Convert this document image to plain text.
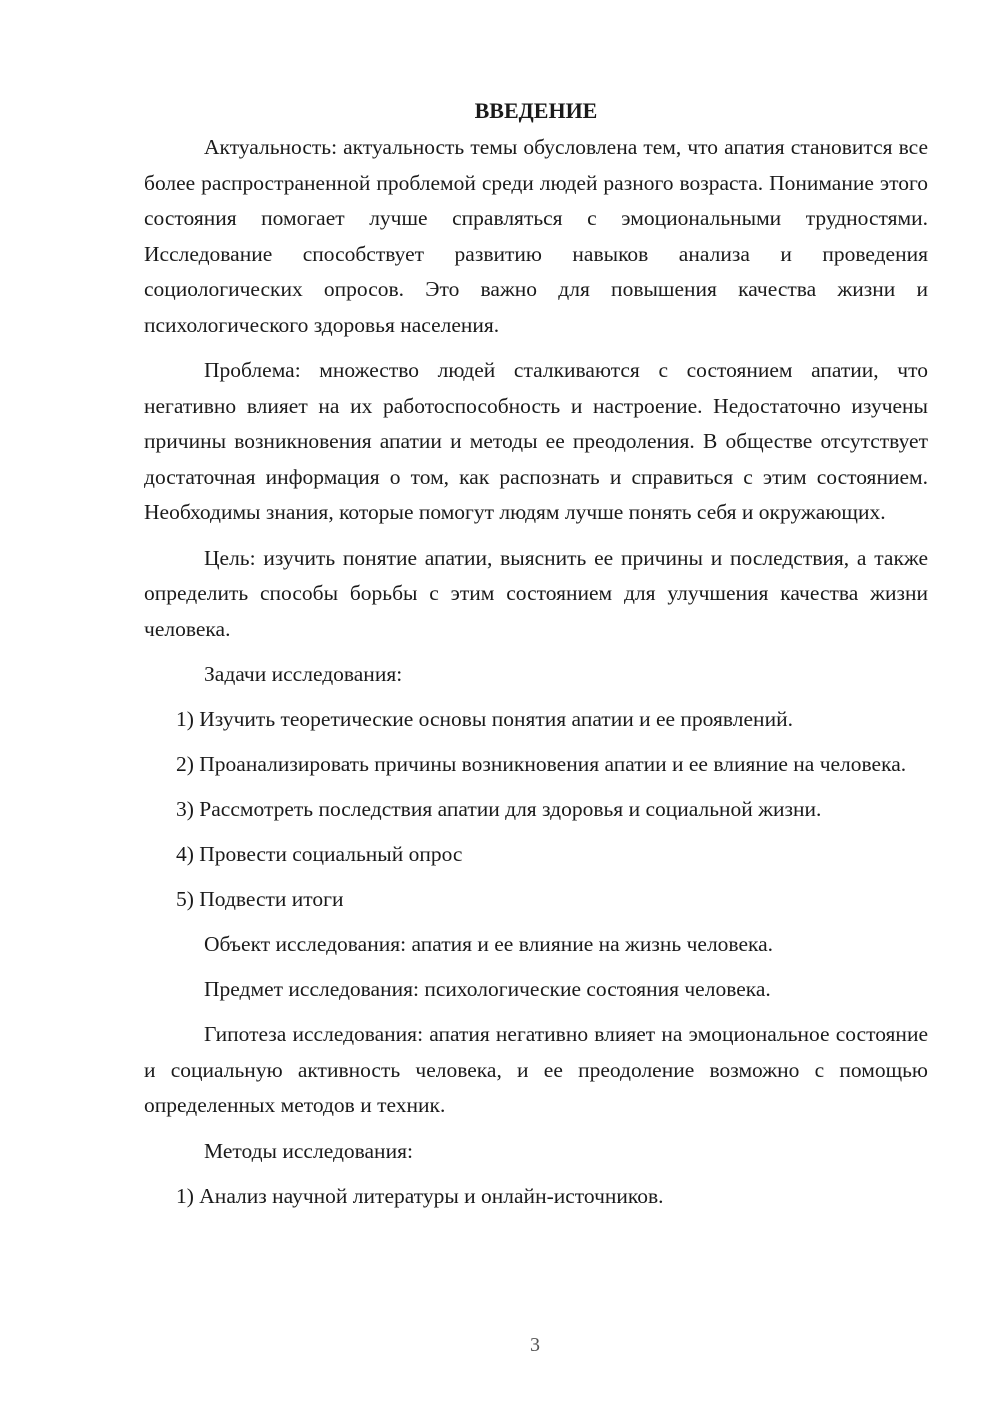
ВВЕДЕНИЕ

Актуальность: актуальность темы обусловлена тем, что апатия становится все более распространенной проблемой среди людей разного возраста. Понимание этого состояния помогает лучше справляться с эмоциональными трудностями. Исследование способствует развитию навыков анализа и проведения социологических опросов. Это важно для повышения качества жизни и психологического здоровья населения.

Проблема: множество людей сталкиваются с состоянием апатии, что негативно влияет на их работоспособность и настроение. Недостаточно изучены причины возникновения апатии и методы ее преодоления. В обществе отсутствует достаточная информация о том, как распознать и справиться с этим состоянием. Необходимы знания, которые помогут людям лучше понять себя и окружающих.

Цель: изучить понятие апатии, выяснить ее причины и последствия, а также определить способы борьбы с этим состоянием для улучшения качества жизни человека.

Задачи исследования:

1) Изучить теоретические основы понятия апатии и ее проявлений.

2) Проанализировать причины возникновения апатии и ее влияние на человека.

3) Рассмотреть последствия апатии для здоровья и социальной жизни.

4) Провести социальный опрос

5) Подвести итоги

Объект исследования: апатия и ее влияние на жизнь человека.

Предмет исследования: психологические состояния человека.

Гипотеза исследования: апатия негативно влияет на эмоциональное состояние и социальную активность человека, и ее преодоление возможно с помощью определенных методов и техник.

Методы исследования:

1) Анализ научной литературы и онлайн-источников.

3
